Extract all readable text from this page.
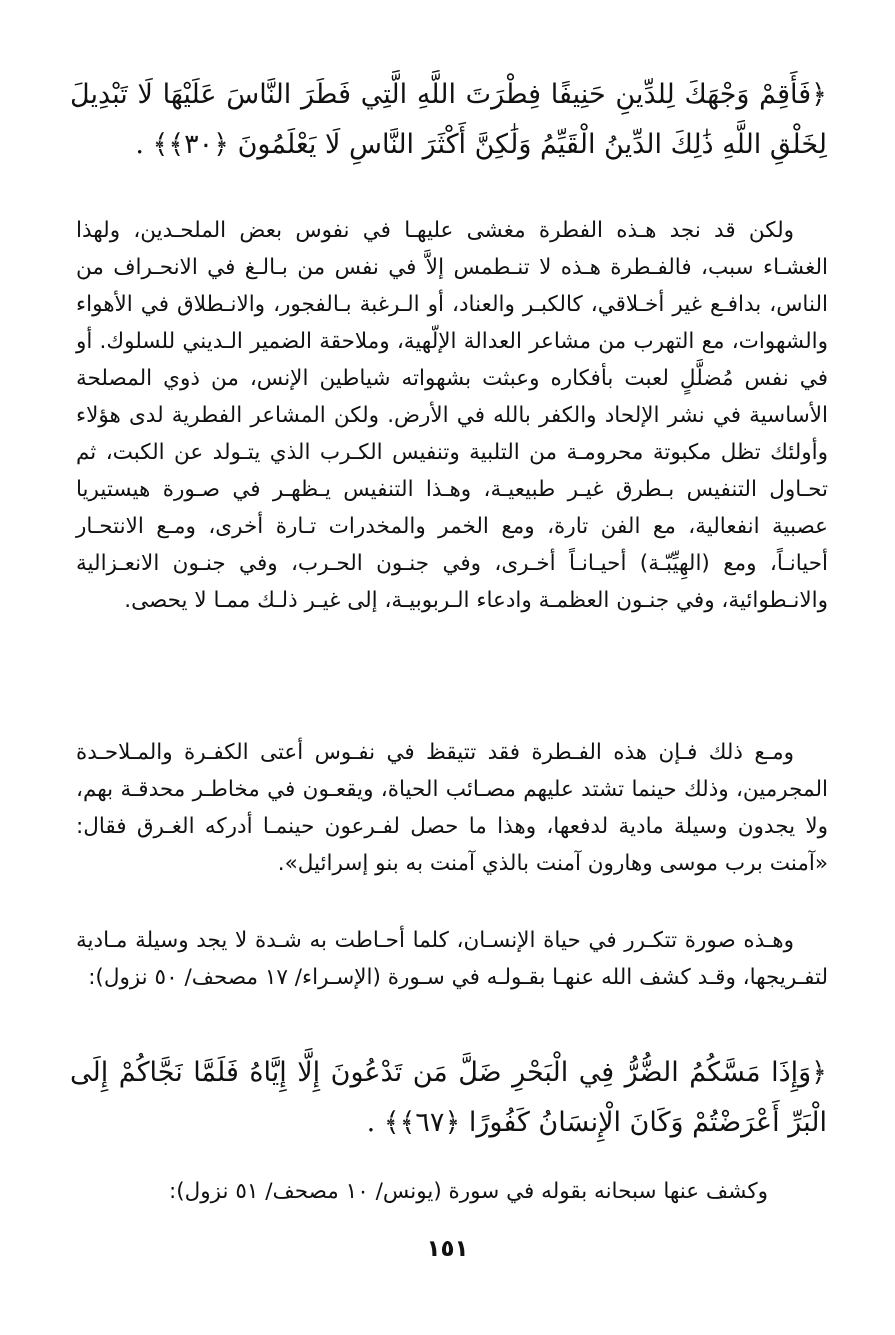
﴿فَأَقِمْ وَجْهَكَ لِلدِّينِ حَنِيفًا فِطْرَتَ اللَّهِ الَّتِي فَطَرَ النَّاسَ عَلَيْهَا لَا تَبْدِيلَ لِخَلْقِ اللَّهِ ذَٰلِكَ الدِّينُ الْقَيِّمُ وَلَٰكِنَّ أَكْثَرَ النَّاسِ لَا يَعْلَمُونَ ﴿٣٠﴾﴾ .

ولكن قد نجد هـذه الفطرة مغشى عليهـا في نفوس بعض الملحـدين، ولهذا الغشـاء سبب، فالفـطرة هـذه لا تنـطمس إلاَّ في نفس من بـالـغ في الانحـراف من الناس، بدافـع غير أخـلاقي، كالكبـر والعناد، أو الـرغبة بـالفجور، والانـطلاق في الأهواء والشهوات، مع التهرب من مشاعر العدالة الإلّهية، وملاحقة الضمير الـديني للسلوك. أو في نفس مُضلَّلٍ لعبت بأفكاره وعبثت بشهواته شياطين الإنس، من ذوي المصلحة الأساسية في نشر الإلحاد والكفر بالله في الأرض. ولكن المشاعر الفطرية لدى هؤلاء وأولئك تظل مكبوتة محرومـة من التلبية وتنفيس الكـرب الذي يتـولد عن الكبت، ثم تحـاول التنفيس بـطرق غيـر طبيعيـة، وهـذا التنفيس يـظهـر في صـورة هيستيريا عصبية انفعالية، مع الفن تارة، ومع الخمر والمخدرات تـارة أخرى، ومـع الانتحـار أحيانـاً، ومع (الهِيِّبّـة) أحيـانـاً أخـرى، وفي جنـون الحـرب، وفي جنـون الانعـزالية والانـطوائية، وفي جنـون العظمـة وادعاء الـربوبيـة، إلى غيـر ذلـك ممـا لا يحصى.

ومـع ذلك فـإن هذه الفـطرة فقد تتيقظ في نفـوس أعتى الكفـرة والمـلاحـدة المجرمين، وذلك حينما تشتد عليهم مصـائب الحياة، ويقعـون في مخاطـر محدقـة بهم، ولا يجدون وسيلة مادية لدفعها، وهذا ما حصل لفـرعون حينمـا أدركه الغـرق فقال: «آمنت برب موسى وهارون آمنت بالذي آمنت به بنو إسرائيل».

وهـذه صورة تتكـرر في حياة الإنسـان، كلما أحـاطت به شـدة لا يجد وسيلة مـادية لتفـريجها، وقـد كشف الله عنهـا بقـولـه في سـورة (الإسـراء/ ١٧ مصحف/ ٥٠ نزول):

﴿وَإِذَا مَسَّكُمُ الضُّرُّ فِي الْبَحْرِ ضَلَّ مَن تَدْعُونَ إِلَّا إِيَّاهُ فَلَمَّا نَجَّاكُمْ إِلَى الْبَرِّ أَعْرَضْتُمْ وَكَانَ الْإِنسَانُ كَفُورًا ﴿٦٧﴾﴾ .

وكشف عنها سبحانه بقوله في سورة (يونس/ ١٠ مصحف/ ٥١ نزول):

١٥١
